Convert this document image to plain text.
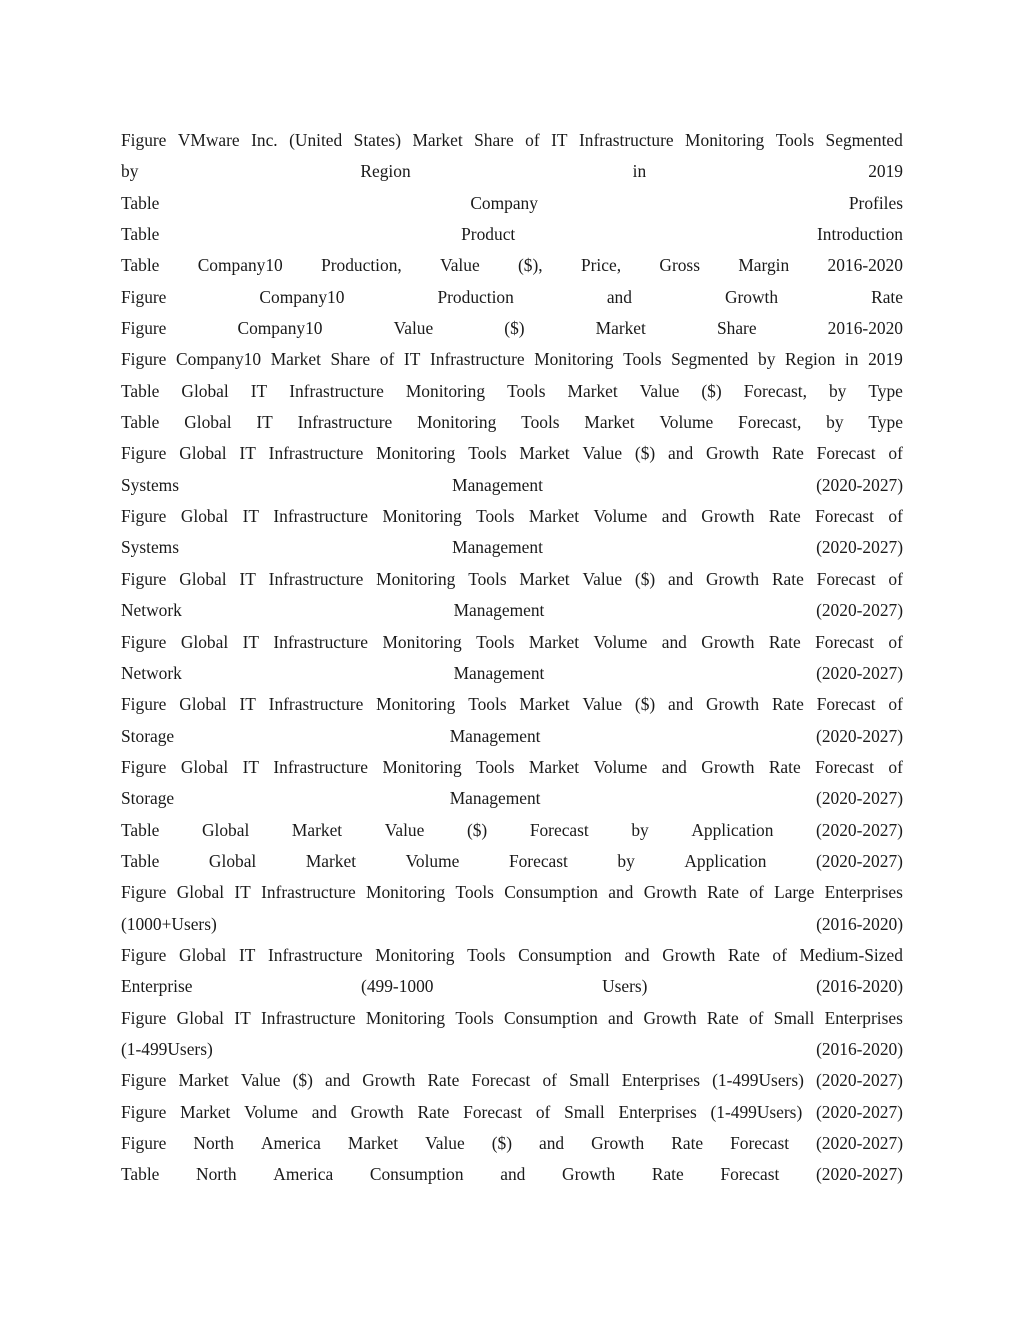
Figure VMware Inc. (United States) Market Share of IT Infrastructure Monitoring Tools Segmented
by	Region	in	2019
Table	Company	Profiles
Table	Product	Introduction
Table Company10 Production, Value ($), Price, Gross Margin 2016-2020
Figure	Company10	Production	and	Growth	Rate
Figure	Company10	Value	($)	Market	Share	2016-2020
Figure Company10 Market Share of IT Infrastructure Monitoring Tools Segmented by Region in 2019
Table Global IT Infrastructure Monitoring Tools Market Value ($) Forecast, by Type
Table Global IT Infrastructure Monitoring Tools Market Volume Forecast, by Type
Figure Global IT Infrastructure Monitoring Tools Market Value ($) and Growth Rate Forecast of
Systems	Management	(2020-2027)
Figure Global IT Infrastructure Monitoring Tools Market Volume and Growth Rate Forecast of
Systems	Management	(2020-2027)
Figure Global IT Infrastructure Monitoring Tools Market Value ($) and Growth Rate Forecast of
Network	Management	(2020-2027)
Figure Global IT Infrastructure Monitoring Tools Market Volume and Growth Rate Forecast of
Network	Management	(2020-2027)
Figure Global IT Infrastructure Monitoring Tools Market Value ($) and Growth Rate Forecast of
Storage	Management	(2020-2027)
Figure Global IT Infrastructure Monitoring Tools Market Volume and Growth Rate Forecast of
Storage	Management	(2020-2027)
Table Global Market Value ($) Forecast by Application (2020-2027)
Table	Global	Market	Volume	Forecast	by	Application	(2020-2027)
Figure Global IT Infrastructure Monitoring Tools Consumption and Growth Rate of Large Enterprises
(1000+Users)	(2016-2020)
Figure Global IT Infrastructure Monitoring Tools Consumption and Growth Rate of Medium-Sized
Enterprise	(499-1000	Users)	(2016-2020)
Figure Global IT Infrastructure Monitoring Tools Consumption and Growth Rate of Small Enterprises
(1-499Users)	(2016-2020)
Figure Market Value ($) and Growth Rate Forecast of Small Enterprises (1-499Users) (2020-2027)
Figure Market Volume and Growth Rate Forecast of Small Enterprises (1-499Users) (2020-2027)
Figure North America Market Value ($) and Growth Rate Forecast (2020-2027)
Table North America Consumption and Growth Rate Forecast (2020-2027)
